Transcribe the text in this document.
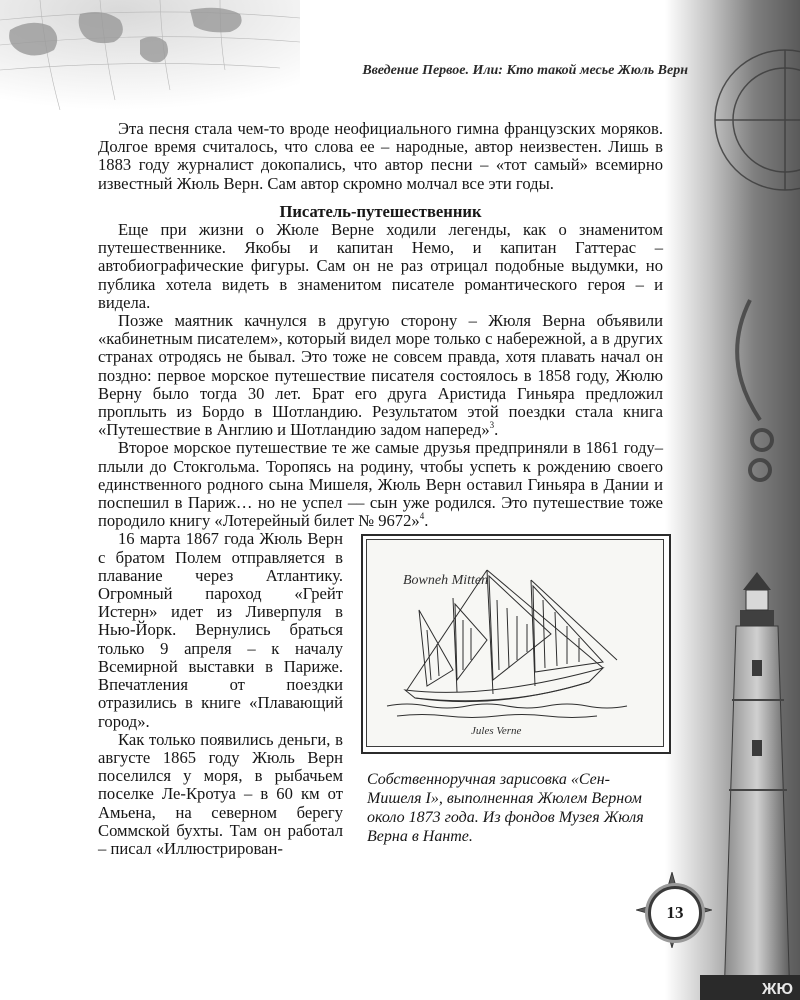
ЖЮ
Введение Первое. Или: Кто такой месье Жюль Верн

Эта песня стала чем-то вроде неофициального гимна французских моряков. Долгое время считалось, что слова ее – народные, автор неизвестен. Лишь в 1883 году журналист докопались, что автор песни – «тот самый» всемирно известный Жюль Верн. Сам автор скромно молчал все эти годы.

Писатель-путешественник

Еще при жизни о Жюле Верне ходили легенды, как о знаменитом путешественнике. Якобы и капитан Немо, и капитан Гаттерас – автобиографические фигуры. Сам он не раз отрицал подобные выдумки, но публика хотела видеть в знаменитом писателе романтического героя – и видела.

Позже маятник качнулся в другую сторону – Жюля Верна объявили «кабинетным писателем», который видел море только с набережной, а в других странах отродясь не бывал. Это тоже не совсем правда, хотя плавать начал он поздно: первое морское путешествие писателя состоялось в 1858 году, Жюлю Верну было тогда 30 лет. Брат его друга Аристида Гиньяра предложил проплыть из Бордо в Шотландию. Результатом этой поездки стала книга «Путешествие в Англию и Шотландию задом наперед»$^3$.

Второе морское путешествие те же самые друзья предприняли в 1861 году– плыли до Стокгольма. Торопясь на родину, чтобы успеть к рождению своего единственного родного сына Мишеля, Жюль Верн оставил Гиньяра в Дании и поспешил в Париж… но не успел –– сын уже родился. Это путешествие тоже породило книгу «Лотерейный билет № 9672»$^4$.

Bowneh Mitten
Jules Verne
Собственноручная зарисовка «Сен-Мишеля I», выполненная Жюлем Верном около 1873 года. Из фондов Музея Жюля Верна в Нанте.

16 марта 1867 года Жюль Верн с братом Полем отправляется в плавание через Атлантику. Огромный пароход «Грейт Истерн» идет из Ливерпуля в Нью-Йорк. Вернулись браться только 9 апреля – к началу Всемирной выставки в Париже. Впечатления от поездки отразились в книге «Плавающий город».

Как только появились деньги, в августе 1865 году Жюль Верн поселился у моря, в рыбачьем поселке Ле-Кротуа – в 60 км от Амьена, на северном берегу Соммской бухты. Там он работал – писал «Иллюстрирован-

13
